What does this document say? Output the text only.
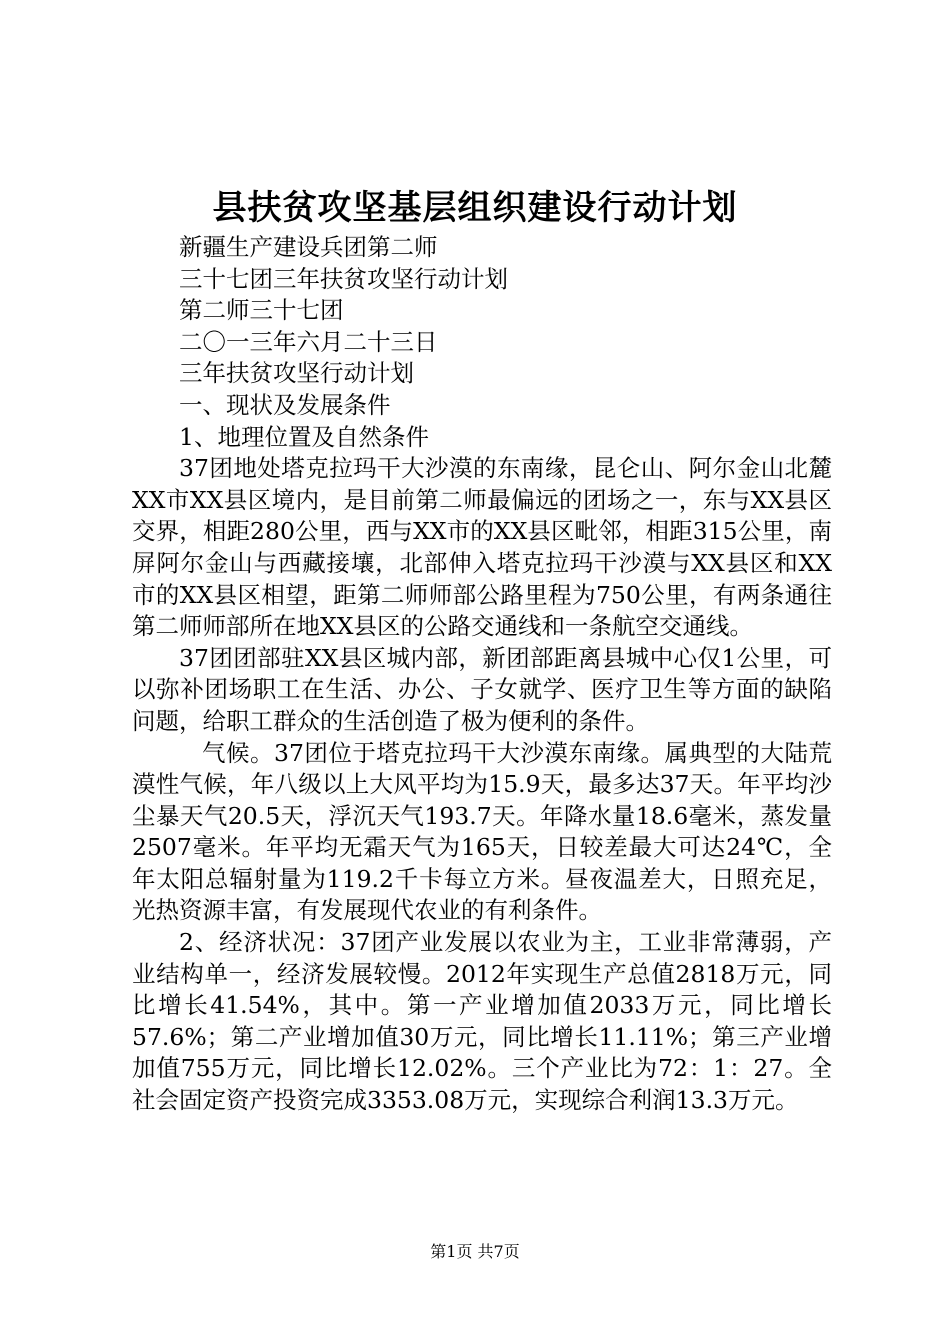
县扶贫攻坚基层组织建设行动计划
新疆生产建设兵团第二师
三十七团三年扶贫攻坚行动计划
第二师三十七团
二〇一三年六月二十三日
三年扶贫攻坚行动计划
一、现状及发展条件
1、地理位置及自然条件
37团地处塔克拉玛干大沙漠的东南缘，昆仑山、阿尔金山北麓XX市XX县区境内，是目前第二师最偏远的团场之一，东与XX县区交界，相距280公里，西与XX市的XX县区毗邻，相距315公里，南屏阿尔金山与西藏接壤，北部伸入塔克拉玛干沙漠与XX县区和XX市的XX县区相望，距第二师师部公路里程为750公里，有两条通往第二师师部所在地XX县区的公路交通线和一条航空交通线。
37团团部驻XX县区城内部，新团部距离县城中心仅1公里，可以弥补团场职工在生活、办公、子女就学、医疗卫生等方面的缺陷问题，给职工群众的生活创造了极为便利的条件。
气候。37团位于塔克拉玛干大沙漠东南缘。属典型的大陆荒漠性气候，年八级以上大风平均为15.9天，最多达37天。年平均沙尘暴天气20.5天，浮沉天气193.7天。年降水量18.6毫米，蒸发量2507毫米。年平均无霜天气为165天，日较差最大可达24℃，全年太阳总辐射量为119.2千卡每立方米。昼夜温差大，日照充足，光热资源丰富，有发展现代农业的有利条件。
2、经济状况：37团产业发展以农业为主，工业非常薄弱，产业结构单一，经济发展较慢。2012年实现生产总值2818万元，同比增长41.54%，其中。第一产业增加值2033万元，同比增长57.6%；第二产业增加值30万元，同比增长11.11%；第三产业增加值755万元，同比增长12.02%。三个产业比为72：1：27。全社会固定资产投资完成3353.08万元，实现综合利润13.3万元。
第1页 共7页
